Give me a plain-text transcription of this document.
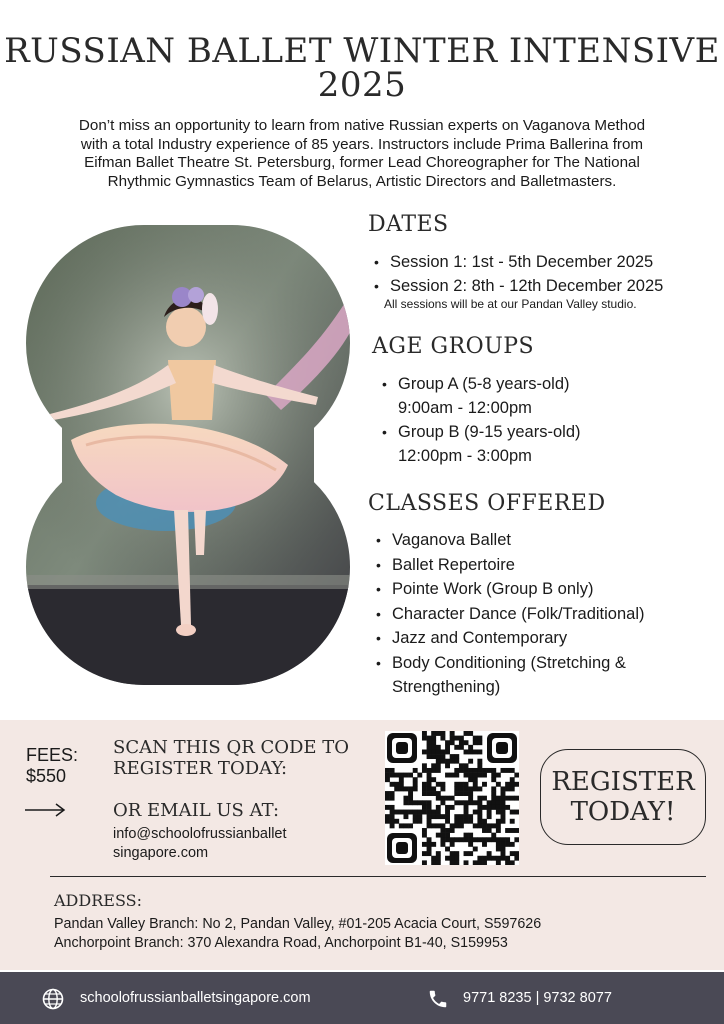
RUSSIAN BALLET WINTER INTENSIVE
2025
Don’t miss an opportunity to learn from native Russian experts on Vaganova Method
with a total Industry experience of 85 years. Instructors include Prima Ballerina from
Eifman Ballet Theatre St. Petersburg, former Lead Choreographer for The National
Rhythmic Gymnastics Team of Belarus, Artistic Directors and Balletmasters.
DATES
• Session 1: 1st - 5th December 2025
• Session 2: 8th - 12th December 2025
All sessions will be at our Pandan Valley studio.
AGE GROUPS
• Group A (5-8 years-old)
9:00am - 12:00pm
• Group B (9-15 years-old)
12:00pm - 3:00pm
CLASSES OFFERED
• Vaganova Ballet
• Ballet Repertoire
• Pointe Work (Group B only)
• Character Dance (Folk/Traditional)
• Jazz and Contemporary
• Body Conditioning (Stretching &
Strengthening)
FEES:
$550
SCAN THIS QR CODE TO
REGISTER TODAY:
OR EMAIL US AT:
info@schoolofrussianballet
singapore.com
REGISTER
TODAY!
ADDRESS:
Pandan Valley Branch: No 2, Pandan Valley, #01-205 Acacia Court, S597626
Anchorpoint Branch: 370 Alexandra Road, Anchorpoint B1-40, S159953
schoolofrussianballetsingapore.com	9771 8235 | 9732 8077
